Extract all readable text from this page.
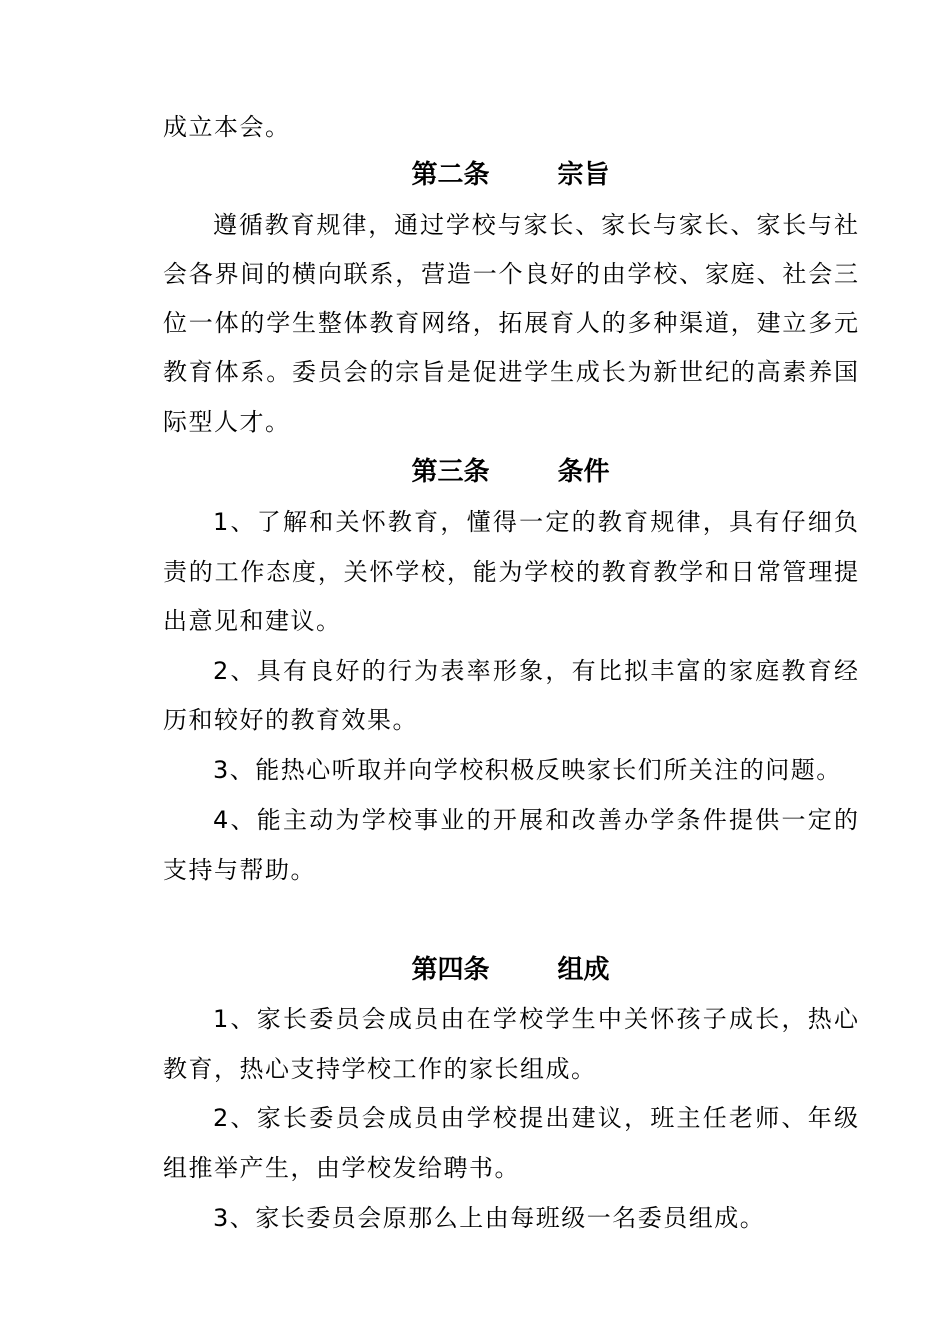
成立本会。
第二条	宗旨
遵循教育规律，通过学校与家长、家长与家长、家长与社
会各界间的横向联系，营造一个良好的由学校、家庭、社会三
位一体的学生整体教育网络，拓展育人的多种渠道，建立多元
教育体系。委员会的宗旨是促进学生成长为新世纪的高素养国
际型人才。
第三条	条件
1、了解和关怀教育，懂得一定的教育规律，具有仔细负
责的工作态度，关怀学校，能为学校的教育教学和日常管理提
出意见和建议。
2、具有良好的行为表率形象，有比拟丰富的家庭教育经
历和较好的教育效果。
3、能热心听取并向学校积极反映家长们所关注的问题。
4、能主动为学校事业的开展和改善办学条件提供一定的
支持与帮助。
第四条	组成
1、家长委员会成员由在学校学生中关怀孩子成长，热心
教育，热心支持学校工作的家长组成。
2、家长委员会成员由学校提出建议，班主任老师、年级
组推举产生，由学校发给聘书。
3、家长委员会原那么上由每班级一名委员组成。
